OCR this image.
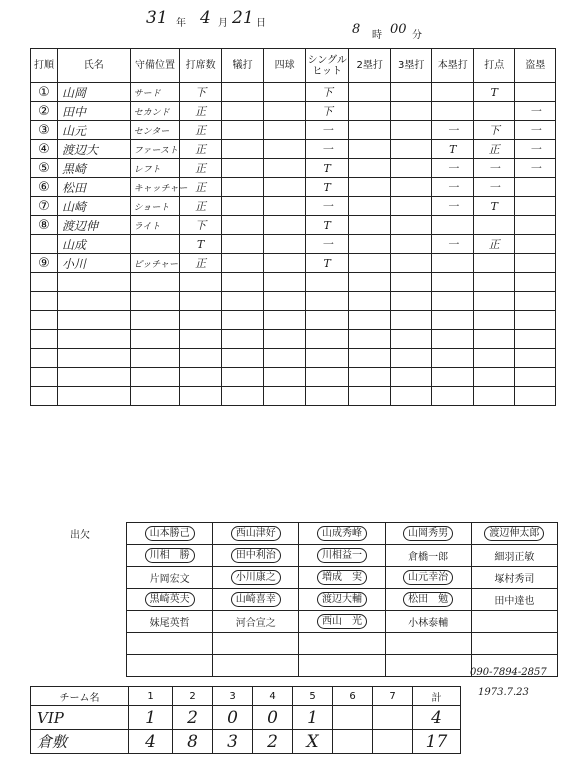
31 年 4 月 21 日	8 時 00 分
打順	氏名	守備位置	打席数	犠打	四球	シングルヒット	2塁打	3塁打	本塁打	打点	盗塁
①	山岡	サード	下			下				T	
②	田中	セカンド	正			下					一
③	山元	センター	正			一			一	下	一
④	渡辺大	ファースト	正			一			T	正	一
⑤	黒崎	レフト	正			T			一	一	一
⑥	松田	キャッチャー	正			T			一	一	
⑦	山崎	ショート	正			一			一	T	
⑧	渡辺伸	ライト	下			T					
	山成		T			一			一	正	
⑨	小川	ピッチャー	正			T					

出欠	山本勝己	西山津好	山成秀峰	山岡秀男	渡辺伸太郎
川相　勝	田中利治	川相益一	倉橋一郎	細羽正敏
片岡宏文	小川康之	増成　実	山元幸治	塚村秀司
黒崎英夫	山崎喜幸	渡辺大輔	松田　勉	田中達也
妹尾英哲	河合宣之	西山　光	小林泰輔	

090-7894-2857
1973.7.23
チーム名	1	2	3	4	5	6	7	計
VIP	1	2	0	0	1			4
倉敷	4	8	3	2	X			17
